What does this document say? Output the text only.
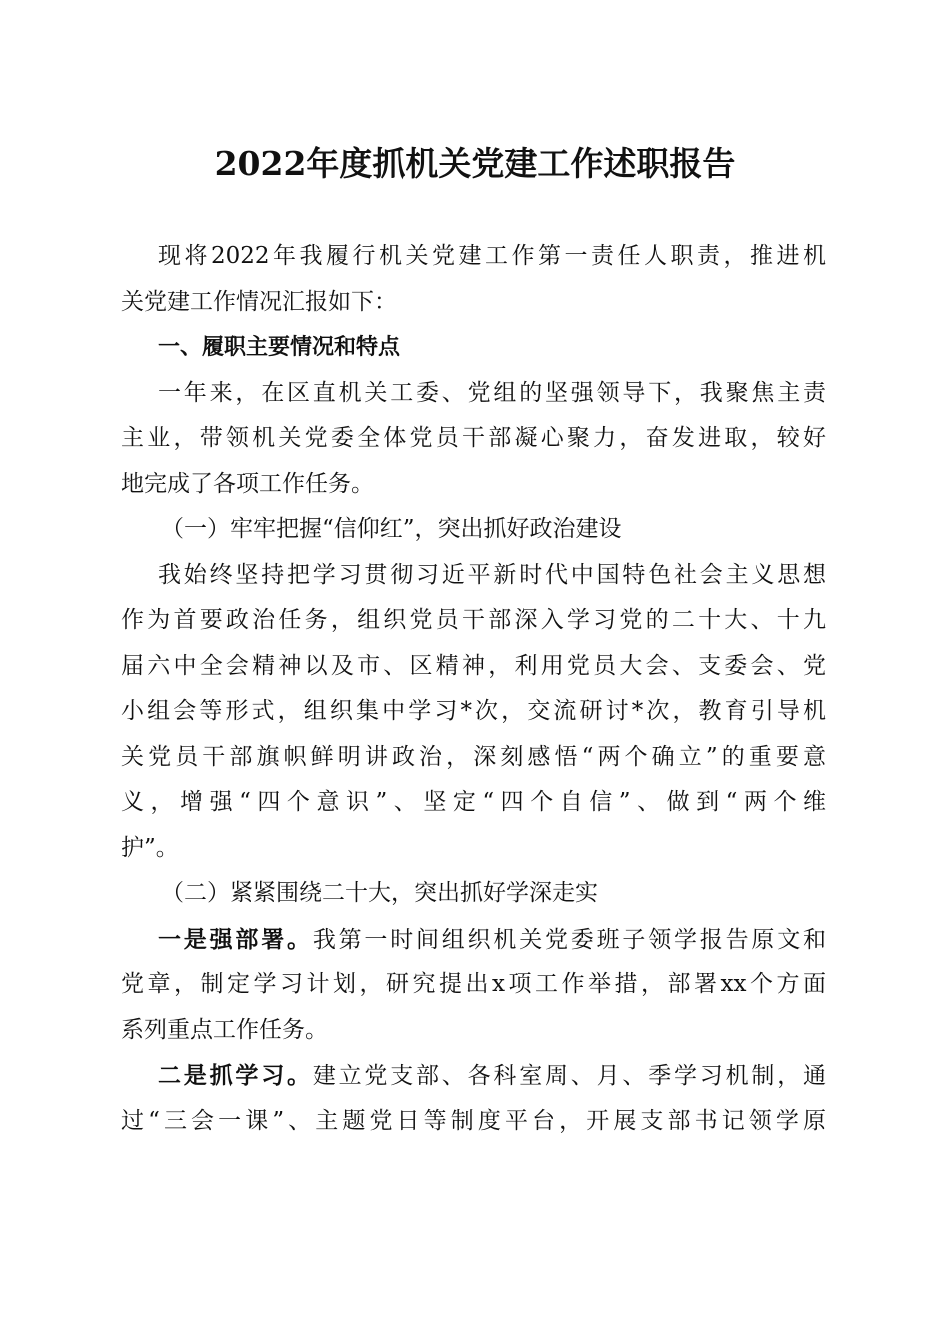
2022年度抓机关党建工作述职报告
现将2022年我履行机关党建工作第一责任人职责，推进机
关党建工作情况汇报如下：
一、履职主要情况和特点
一年来，在区直机关工委、党组的坚强领导下，我聚焦主责
主业，带领机关党委全体党员干部凝心聚力，奋发进取，较好
地完成了各项工作任务。
（一）牢牢把握“信仰红”，突出抓好政治建设
我始终坚持把学习贯彻习近平新时代中国特色社会主义思想
作为首要政治任务，组织党员干部深入学习党的二十大、十九
届六中全会精神以及市、区精神，利用党员大会、支委会、党
小组会等形式，组织集中学习*次，交流研讨*次，教育引导机
关党员干部旗帜鲜明讲政治，深刻感悟“两个确立”的重要意
义，增强“四个意识”、坚定“四个自信”、做到“两个维
护”。
（二）紧紧围绕二十大，突出抓好学深走实
一是强部署。我第一时间组织机关党委班子领学报告原文和
党章，制定学习计划，研究提出x项工作举措，部署xx个方面
系列重点工作任务。
二是抓学习。建立党支部、各科室周、月、季学习机制，通
过“三会一课”、主题党日等制度平台，开展支部书记领学原
